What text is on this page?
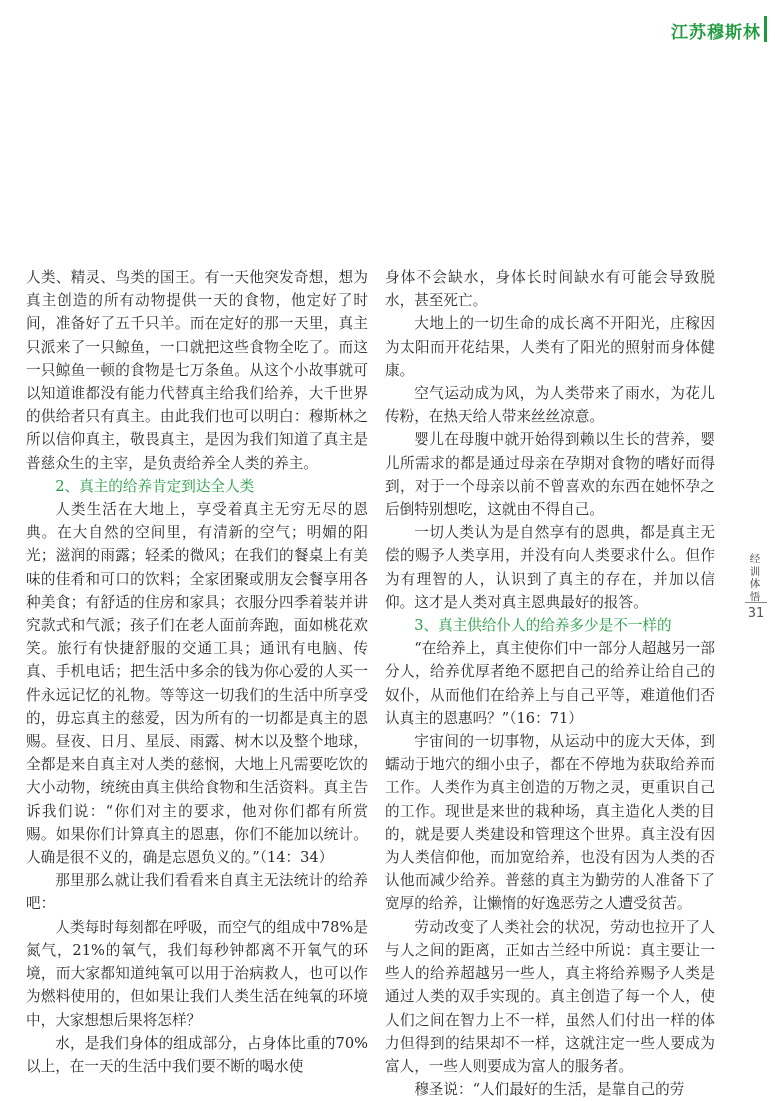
江苏穆斯林

人类、精灵、鸟类的国王。有一天他突发奇想，想为真主创造的所有动物提供一天的食物，他定好了时间，准备好了五千只羊。而在定好的那一天里，真主只派来了一只鲸鱼，一口就把这些食物全吃了。而这一只鲸鱼一顿的食物是七万条鱼。从这个小故事就可以知道谁都没有能力代替真主给我们给养，大千世界的供给者只有真主。由此我们也可以明白：穆斯林之所以信仰真主，敬畏真主，是因为我们知道了真主是普慈众生的主宰，是负责给养全人类的养主。

2、真主的给养肯定到达全人类

人类生活在大地上，享受着真主无穷无尽的恩典。在大自然的空间里，有清新的空气；明媚的阳光；滋润的雨露；轻柔的微风；在我们的餐桌上有美味的佳肴和可口的饮料；全家团聚或朋友会餐享用各种美食；有舒适的住房和家具；衣服分四季着装并讲究款式和气派；孩子们在老人面前奔跑，面如桃花欢笑。旅行有快捷舒服的交通工具；通讯有电脑、传真、手机电话；把生活中多余的钱为你心爱的人买一件永远记忆的礼物。等等这一切我们的生活中所享受的，毋忘真主的慈爱，因为所有的一切都是真主的恩赐。昼夜、日月、星辰、雨露、树木以及整个地球，全都是来自真主对人类的慈悯，大地上凡需要吃饮的大小动物，统统由真主供给食物和生活资料。真主告诉我们说：“你们对主的要求，他对你们都有所赏赐。如果你们计算真主的恩惠，你们不能加以统计。人确是很不义的，确是忘恩负义的。”（14：34）

那里那么就让我们看看来自真主无法统计的给养吧：

人类每时每刻都在呼吸，而空气的组成中78%是氮气，21%的氧气，我们每秒钟都离不开氧气的环境，而大家都知道纯氧可以用于治病救人，也可以作为燃料使用的，但如果让我们人类生活在纯氧的环境中，大家想想后果将怎样？

水，是我们身体的组成部分，占身体比重的70%以上，在一天的生活中我们要不断的喝水使

身体不会缺水，身体长时间缺水有可能会导致脱水，甚至死亡。

大地上的一切生命的成长离不开阳光，庄稼因为太阳而开花结果，人类有了阳光的照射而身体健康。

空气运动成为风，为人类带来了雨水，为花儿传粉，在热天给人带来丝丝凉意。

婴儿在母腹中就开始得到赖以生长的营养，婴儿所需求的都是通过母亲在孕期对食物的嗜好而得到，对于一个母亲以前不曾喜欢的东西在她怀孕之后倒特别想吃，这就由不得自己。

一切人类认为是自然享有的恩典，都是真主无偿的赐予人类享用，并没有向人类要求什么。但作为有理智的人，认识到了真主的存在，并加以信仰。这才是人类对真主恩典最好的报答。

3、真主供给仆人的给养多少是不一样的

“在给养上，真主使你们中一部分人超越另一部分人，给养优厚者绝不愿把自己的给养让给自己的奴仆，从而他们在给养上与自己平等，难道他们否认真主的恩惠吗？”（16：71）

宇宙间的一切事物，从运动中的庞大天体，到蠕动于地穴的细小虫子，都在不停地为获取给养而工作。人类作为真主创造的万物之灵，更重识自己的工作。现世是来世的栽种场，真主造化人类的目的，就是要人类建设和管理这个世界。真主没有因为人类信仰他，而加宽给养，也没有因为人类的否认他而减少给养。普慈的真主为勤劳的人准备下了宽厚的给养，让懒惰的好逸恶劳之人遭受贫苦。

劳动改变了人类社会的状况，劳动也拉开了人与人之间的距离，正如古兰经中所说：真主要让一些人的给养超越另一些人，真主将给养赐予人类是通过人类的双手实现的。真主创造了每一个人，使人们之间在智力上不一样，虽然人们付出一样的体力但得到的结果却不一样，这就注定一些人要成为富人，一些人则要成为富人的服务者。

穆圣说：“人们最好的生活，是靠自己的劳

经
训
体
悟
31
